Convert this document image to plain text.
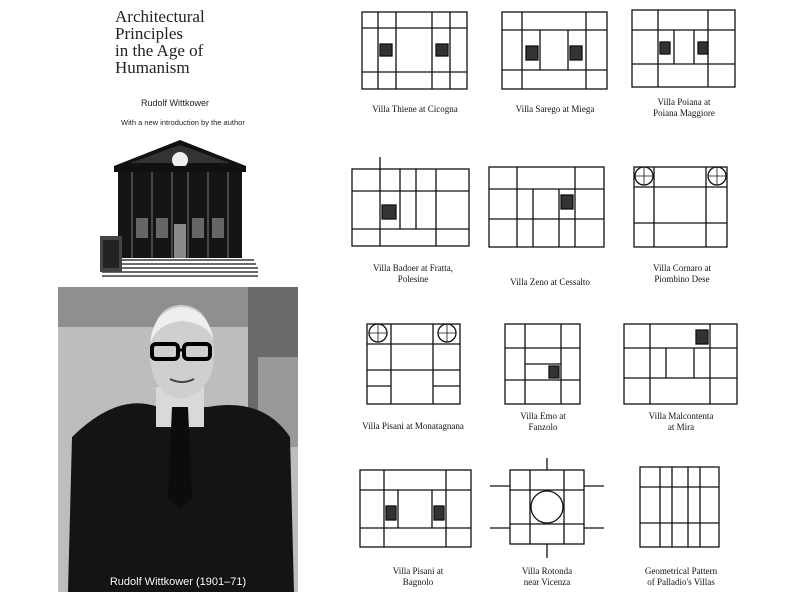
Architectural
Principles
in the Age of
Humanism
Rudolf Wittkower
With a new introduction by the author
Rudolf Wittkower (1901–71)
Villa Thiene at Cicogna	Villa Sarego at Miega
Villa Poiana at
Poiana Maggiore
Villa Badoer at Fratta,
Polesine	Villa Zeno at Cessalto
Villa Cornaro at
Piombino Dese
Villa Pisani at Monatagnana
Villa Emo at
Fanzolo
Villa Malcontenta
at Mira
Villa Pisani at
Bagnolo
Villa Rotonda
near Vicenza
Geometrical Pattern
of Palladio's Villas
